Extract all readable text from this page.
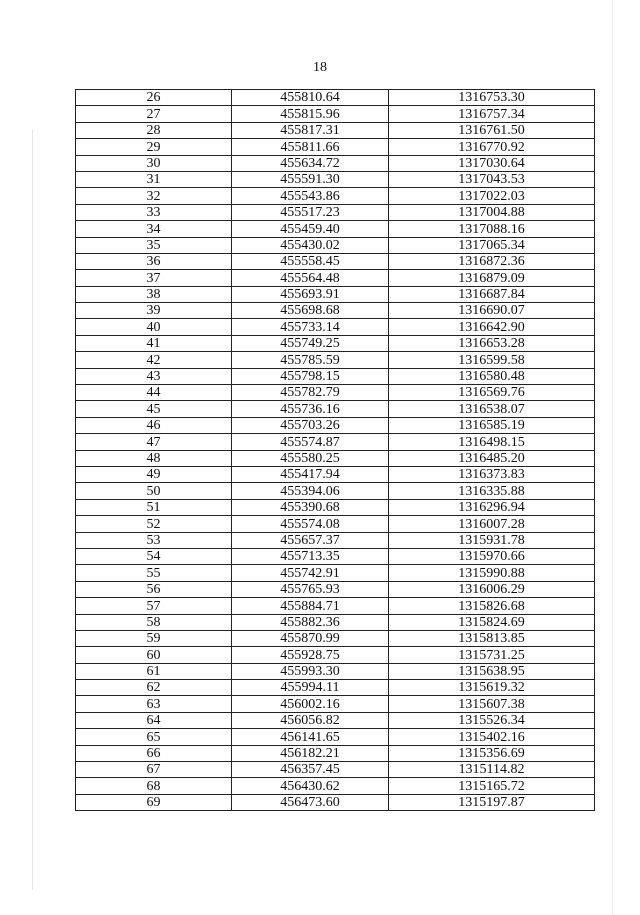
18
26	455810.64	1316753.30
27	455815.96	1316757.34
28	455817.31	1316761.50
29	455811.66	1316770.92
30	455634.72	1317030.64
31	455591.30	1317043.53
32	455543.86	1317022.03
33	455517.23	1317004.88
34	455459.40	1317088.16
35	455430.02	1317065.34
36	455558.45	1316872.36
37	455564.48	1316879.09
38	455693.91	1316687.84
39	455698.68	1316690.07
40	455733.14	1316642.90
41	455749.25	1316653.28
42	455785.59	1316599.58
43	455798.15	1316580.48
44	455782.79	1316569.76
45	455736.16	1316538.07
46	455703.26	1316585.19
47	455574.87	1316498.15
48	455580.25	1316485.20
49	455417.94	1316373.83
50	455394.06	1316335.88
51	455390.68	1316296.94
52	455574.08	1316007.28
53	455657.37	1315931.78
54	455713.35	1315970.66
55	455742.91	1315990.88
56	455765.93	1316006.29
57	455884.71	1315826.68
58	455882.36	1315824.69
59	455870.99	1315813.85
60	455928.75	1315731.25
61	455993.30	1315638.95
62	455994.11	1315619.32
63	456002.16	1315607.38
64	456056.82	1315526.34
65	456141.65	1315402.16
66	456182.21	1315356.69
67	456357.45	1315114.82
68	456430.62	1315165.72
69	456473.60	1315197.87
